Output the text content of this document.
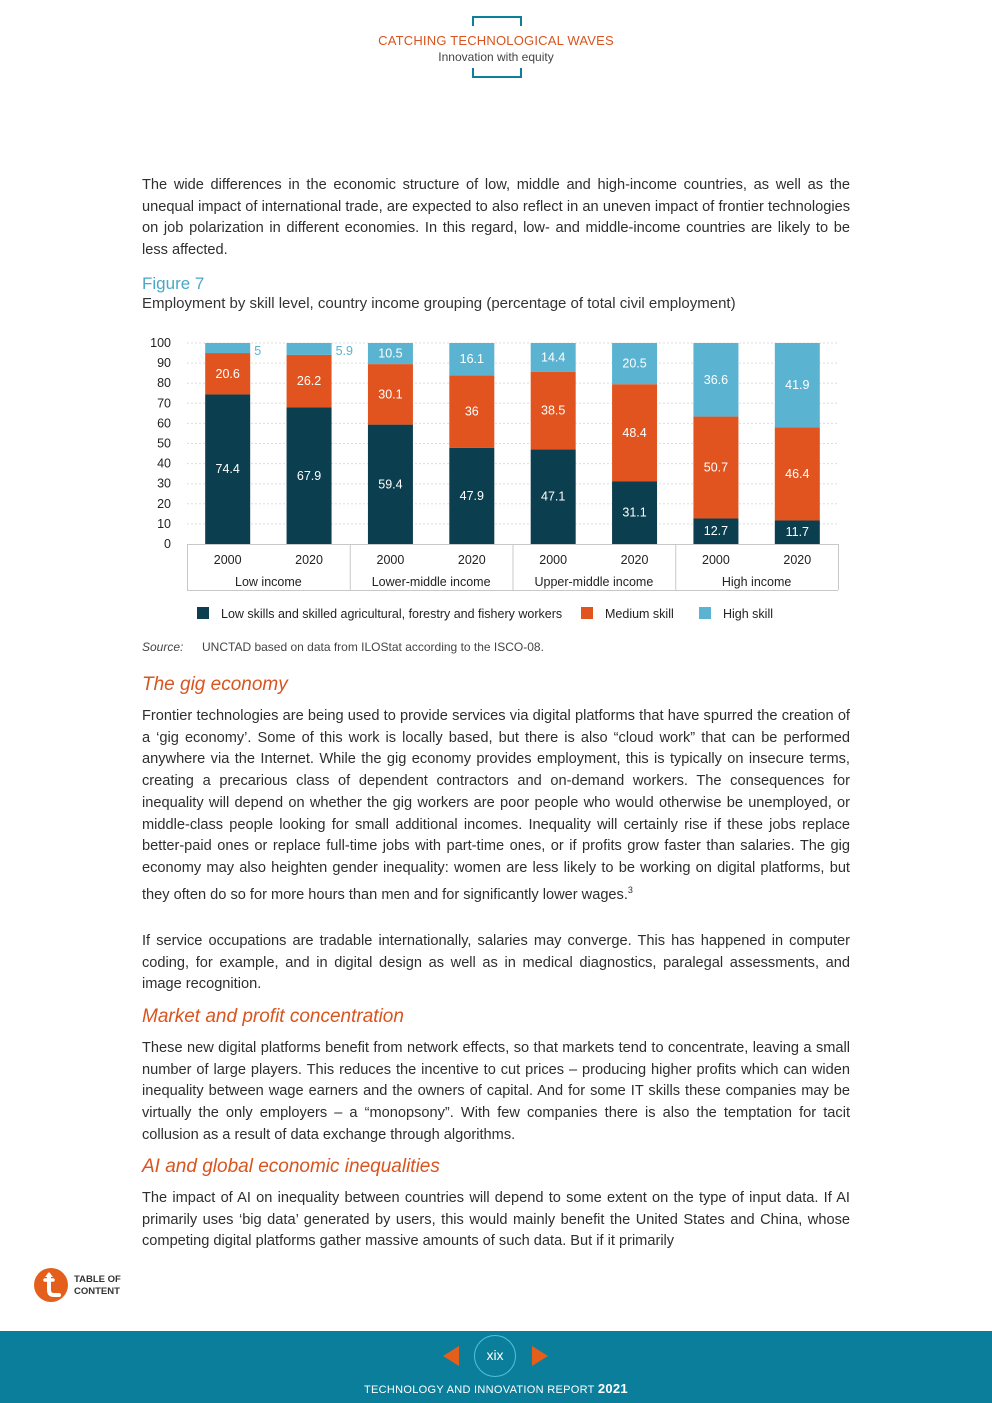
CATCHING TECHNOLOGICAL WAVES
Innovation with equity

The wide differences in the economic structure of low, middle and high-income countries, as well as the unequal impact of international trade, are expected to also reflect in an uneven impact of frontier technologies on job polarization in different economies. In this regard, low- and middle-income countries are likely to be less affected.

Figure 7
Employment by skill level, country income grouping (percentage of total civil employment)
0
10
20
30
40
50
60
70
80
90
100
74.4
20.6
5
2000
67.9
26.2
5.9
2020
59.4
30.1
10.5
2000
47.9
36
16.1
2020
47.1
38.5
14.4
2000
31.1
48.4
20.5
2020
12.7
50.7
36.6
2000
11.7
46.4
41.9
2020
Low income	Lower-middle income	Upper-middle income	High income
Low skills and skilled agricultural, forestry and fishery workers	Medium skill	High skill
Source: UNCTAD based on data from ILOStat according to the ISCO-08.
The gig economy

Frontier technologies are being used to provide services via digital platforms that have spurred the creation of a ‘gig economy’. Some of this work is locally based, but there is also “cloud work” that can be performed anywhere via the Internet. While the gig economy provides employment, this is typically on insecure terms, creating a precarious class of dependent contractors and on-demand workers. The consequences for inequality will depend on whether the gig workers are poor people who would otherwise be unemployed, or middle-class people looking for small additional incomes. Inequality will certainly rise if these jobs replace better-paid ones or replace full-time jobs with part-time ones, or if profits grow faster than salaries. The gig economy may also heighten gender inequality: women are less likely to be working on digital platforms, but they often do so for more hours than men and for significantly lower wages.$^3$

If service occupations are tradable internationally, salaries may converge. This has happened in computer coding, for example, and in digital design as well as in medical diagnostics, paralegal assessments, and image recognition.

Market and profit concentration

These new digital platforms benefit from network effects, so that markets tend to concentrate, leaving a small number of large players. This reduces the incentive to cut prices – producing higher profits which can widen inequality between wage earners and the owners of capital. And for some IT skills these companies may be virtually the only employers – a “monopsony”. With few companies there is also the temptation for tacit collusion as a result of data exchange through algorithms.

AI and global economic inequalities

The impact of AI on inequality between countries will depend to some extent on the type of input data. If AI primarily uses ‘big data’ generated by users, this would mainly benefit the United States and China, whose competing digital platforms gather massive amounts of such data. But if it primarily

TABLE OF
CONTENT
xix
TECHNOLOGY AND INNOVATION REPORT 2021
